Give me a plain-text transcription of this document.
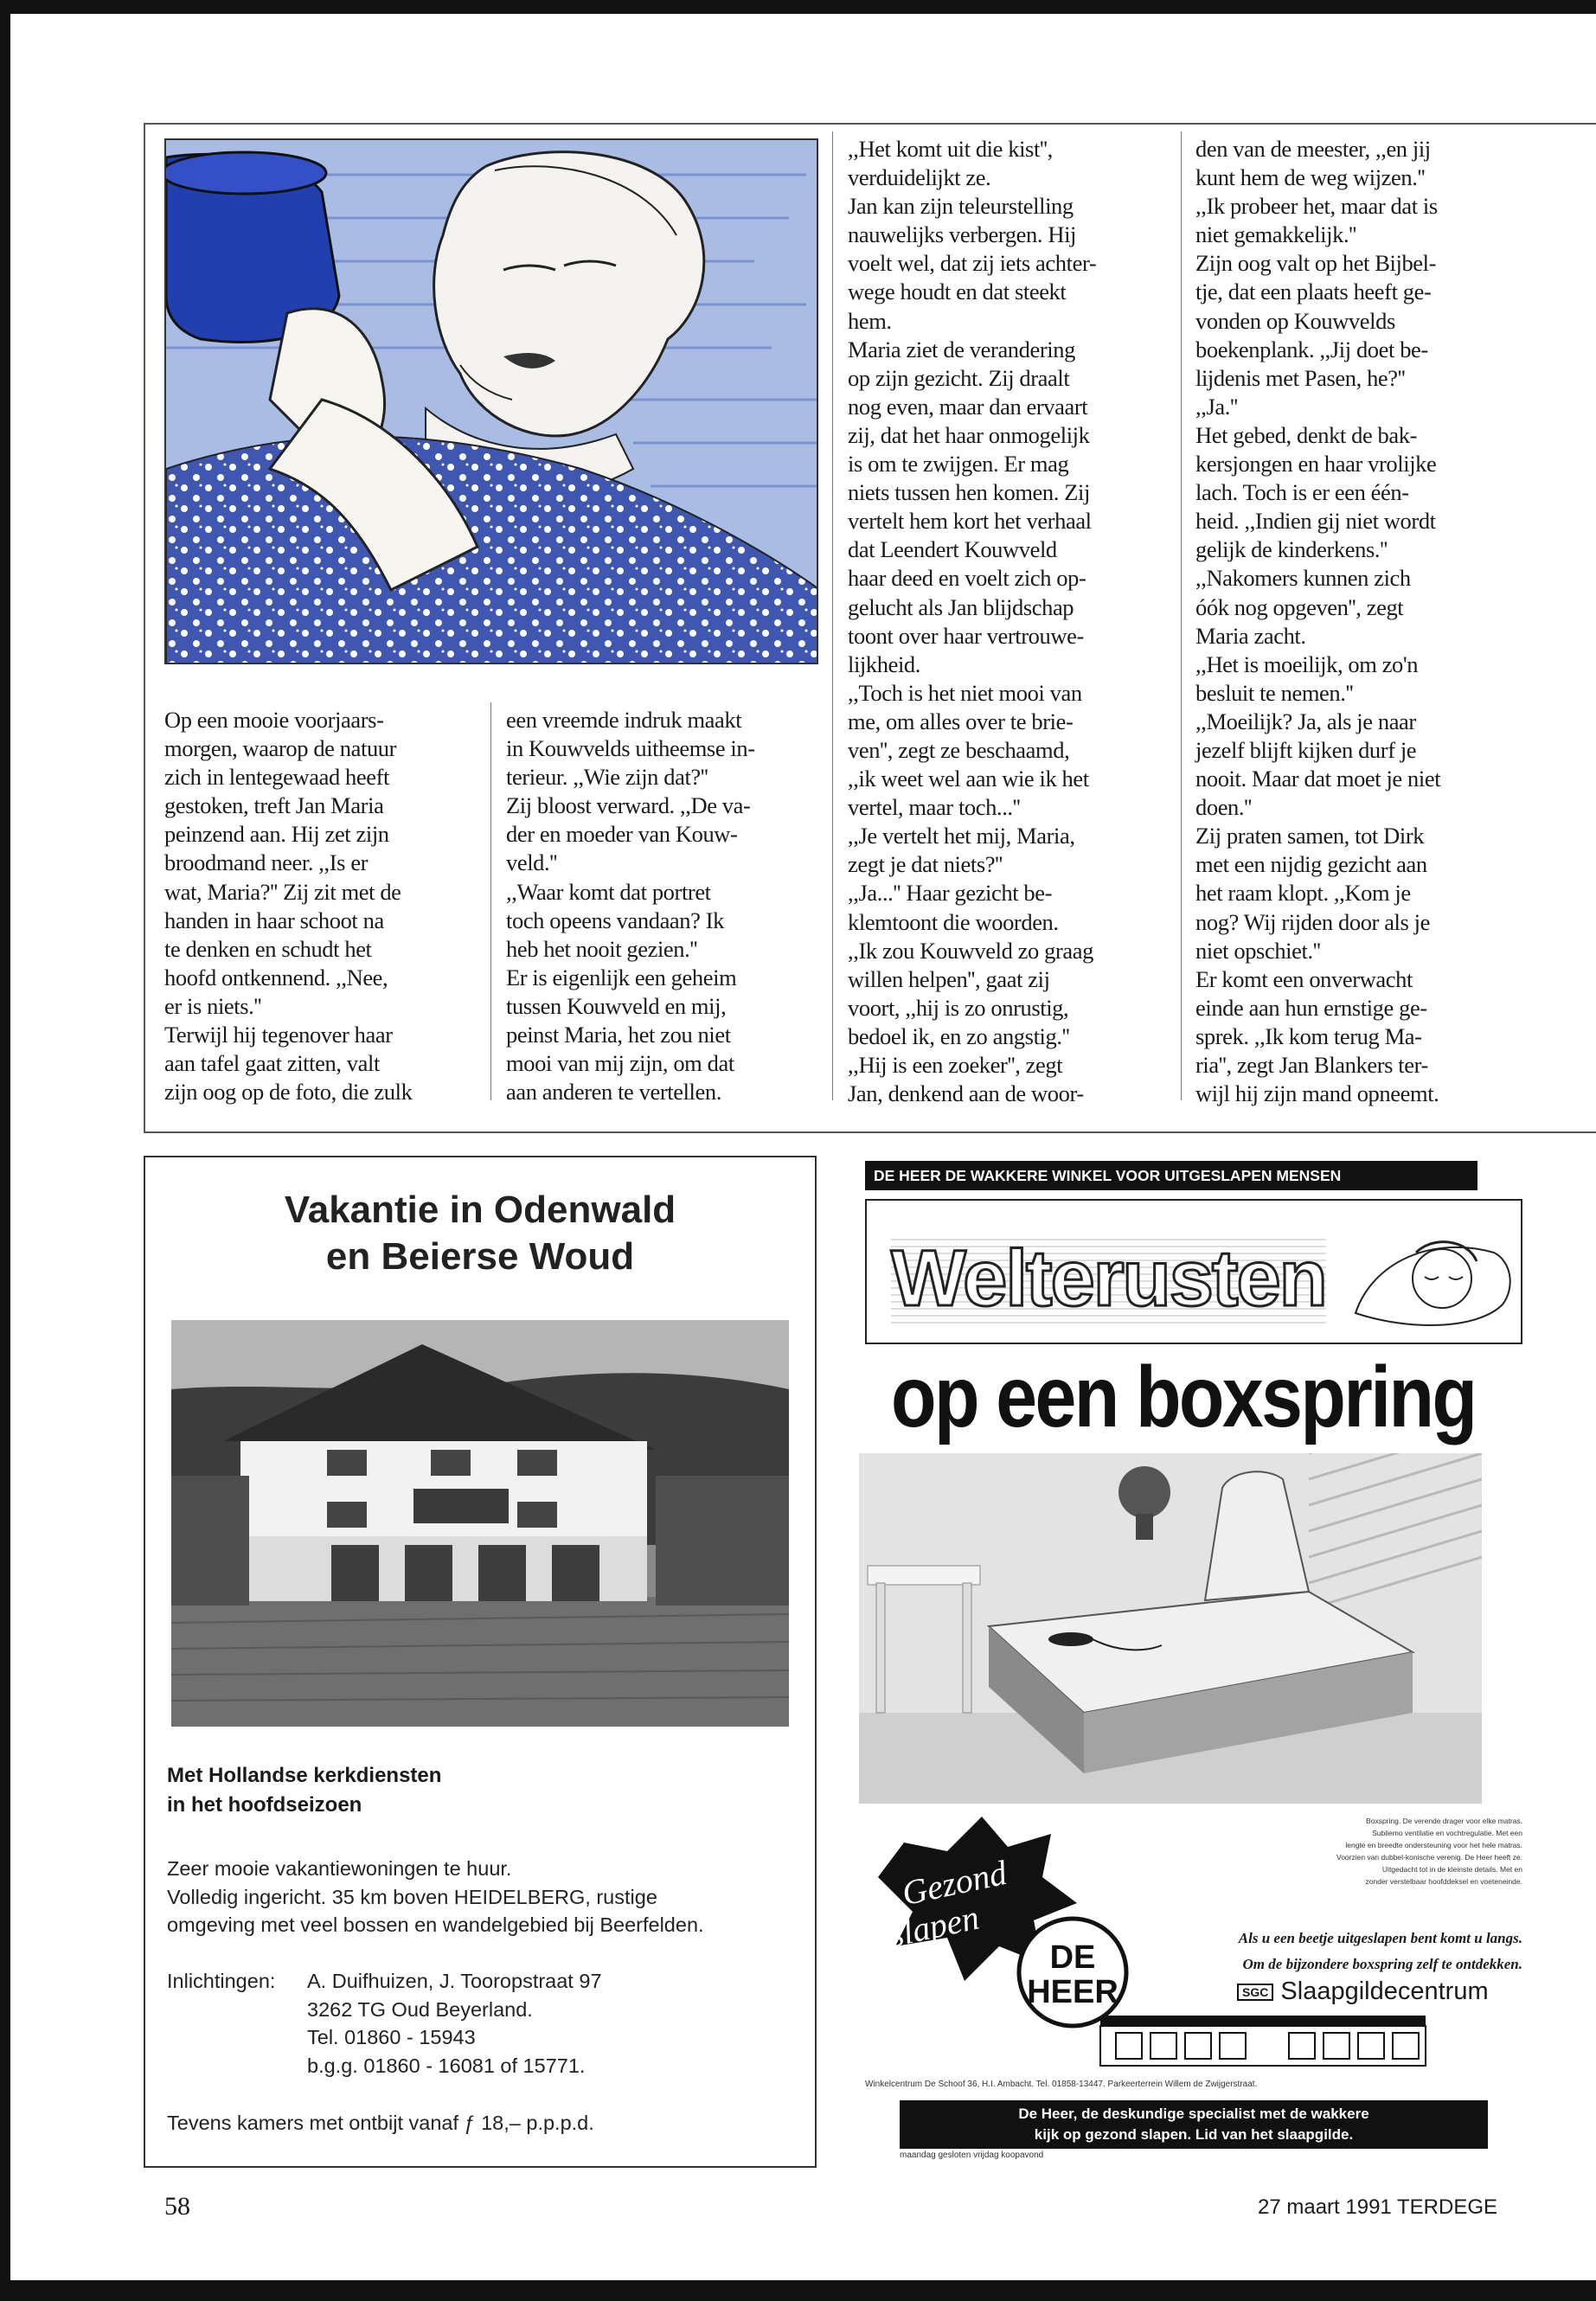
Op een mooie voorjaars-

morgen, waarop de natuur

zich in lentegewaad heeft

gestoken, treft Jan Maria

peinzend aan. Hij zet zijn

broodmand neer. ,,Is er

wat, Maria?'' Zij zit met de

handen in haar schoot na

te denken en schudt het

hoofd ontkennend. ,,Nee,

er is niets.''

Terwijl hij tegenover haar

aan tafel gaat zitten, valt

zijn oog op de foto, die zulk

een vreemde indruk maakt

in Kouwvelds uitheemse in-

terieur. ,,Wie zijn dat?''

Zij bloost verward. ,,De va-

der en moeder van Kouw-

veld.''

,,Waar komt dat portret

toch opeens vandaan? Ik

heb het nooit gezien.''

Er is eigenlijk een geheim

tussen Kouwveld en mij,

peinst Maria, het zou niet

mooi van mij zijn, om dat

aan anderen te vertellen.

,,Het komt uit die kist'',

verduidelijkt ze.

Jan kan zijn teleurstelling

nauwelijks verbergen. Hij

voelt wel, dat zij iets achter-

wege houdt en dat steekt

hem.

Maria ziet de verandering

op zijn gezicht. Zij draalt

nog even, maar dan ervaart

zij, dat het haar onmogelijk

is om te zwijgen. Er mag

niets tussen hen komen. Zij

vertelt hem kort het verhaal

dat Leendert Kouwveld

haar deed en voelt zich op-

gelucht als Jan blijdschap

toont over haar vertrouwe-

lijkheid.

,,Toch is het niet mooi van

me, om alles over te brie-

ven'', zegt ze beschaamd,

,,ik weet wel aan wie ik het

vertel, maar toch...''

,,Je vertelt het mij, Maria,

zegt je dat niets?''

,,Ja...'' Haar gezicht be-

klemtoont die woorden.

,,Ik zou Kouwveld zo graag

willen helpen'', gaat zij

voort, ,,hij is zo onrustig,

bedoel ik, en zo angstig.''

,,Hij is een zoeker'', zegt

Jan, denkend aan de woor-

den van de meester, ,,en jij

kunt hem de weg wijzen.''

,,Ik probeer het, maar dat is

niet gemakkelijk.''

Zijn oog valt op het Bijbel-

tje, dat een plaats heeft ge-

vonden op Kouwvelds

boekenplank. ,,Jij doet be-

lijdenis met Pasen, he?''

,,Ja.''

Het gebed, denkt de bak-

kersjongen en haar vrolijke

lach. Toch is er een één-

heid. ,,Indien gij niet wordt

gelijk de kinderkens.''

,,Nakomers kunnen zich

óók nog opgeven'', zegt

Maria zacht.

,,Het is moeilijk, om zo'n

besluit te nemen.''

,,Moeilijk? Ja, als je naar

jezelf blijft kijken durf je

nooit. Maar dat moet je niet

doen.''

Zij praten samen, tot Dirk

met een nijdig gezicht aan

het raam klopt. ,,Kom je

nog? Wij rijden door als je

niet opschiet.''

Er komt een onverwacht

einde aan hun ernstige ge-

sprek. ,,Ik kom terug Ma-

ria'', zegt Jan Blankers ter-

wijl hij zijn mand opneemt.

Vakantie in Odenwald
en Beierse Woud
Met Hollandse kerkdiensten
in het hoofdseizoen
Zeer mooie vakantiewoningen te huur.
Volledig ingericht. 35 km boven HEIDELBERG, rustige
omgeving met veel bossen en wandelgebied bij Beerfelden.
Inlichtingen: A. Duifhuizen, J. Tooropstraat 97
3262 TG Oud Beyerland.
Tel. 01860 - 15943
b.g.g. 01860 - 16081 of 15771.
Tevens kamers met ontbijt vanaf ƒ 18,– p.p.p.d.
DE HEER DE WAKKERE WINKEL VOOR UITGESLAPEN MENSEN
Welterusten
op een boxspring
Gezond
slapen
DE
HEER
Boxspring. De verende drager voor elke matras.
Subliemo ventilatie en vochtregulatie. Met een
lengte en breedte ondersteuning voor het hele matras.
Voorzien van dubbel-konische verenig. De Heer heeft ze.
Uitgedacht tot in de kleinste details. Met en
zonder verstelbaar hoofddeksel en voeteneinde.
Als u een beetje uitgeslapen bent komt u langs.
Om de bijzondere boxspring zelf te ontdekken.
SGC Slaapgildecentrum
Winkelcentrum De Schoof 36, H.I. Ambacht. Tel. 01858-13447. Parkeerterrein Willem de Zwijgerstraat.
De Heer, de deskundige specialist met de wakkere
kijk op gezond slapen. Lid van het slaapgilde.
maandag gesloten vrijdag koopavond
58	27 maart 1991 TERDEGE
